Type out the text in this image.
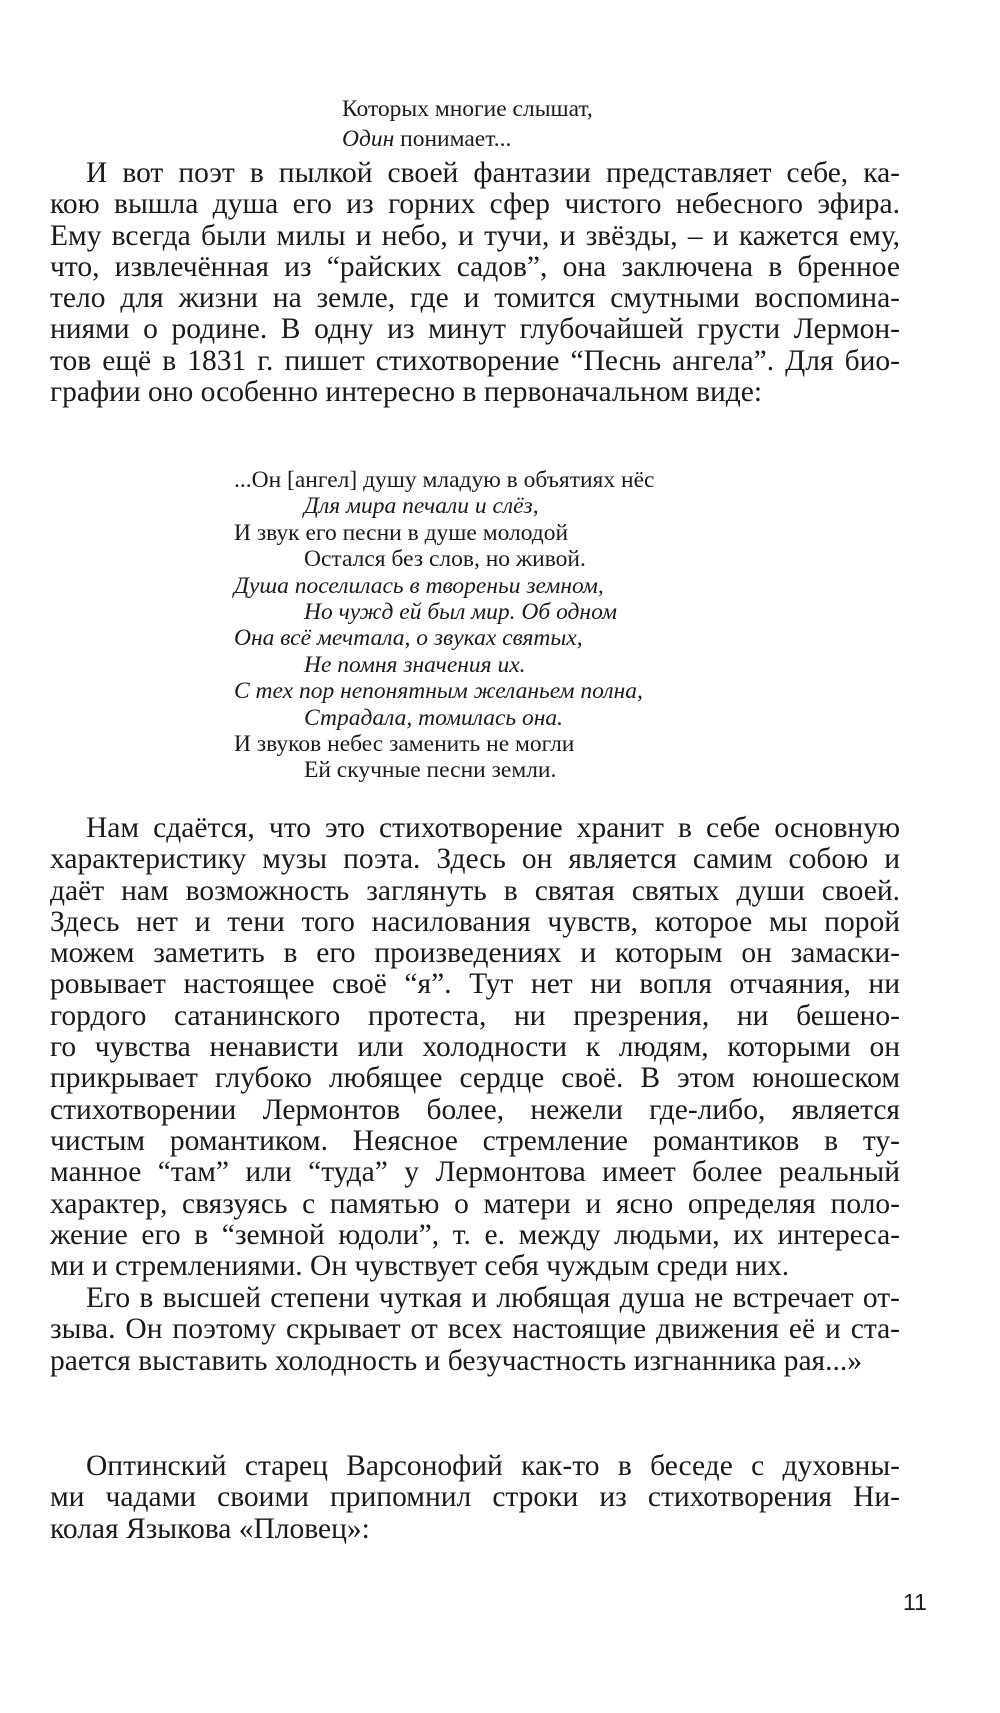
Которых многие слышат,
Один понимает...
И вот поэт в пылкой своей фантазии представляет себе, ка-
кою вышла душа его из горних сфер чистого небесного эфира.
Ему всегда были милы и небо, и тучи, и звёзды, – и кажется ему,
что, извлечённая из “райских садов”, она заключена в бренное
тело для жизни на земле, где и томится смутными воспомина-
ниями о родине. В одну из минут глубочайшей грусти Лермон-
тов ещё в 1831 г. пишет стихотворение “Песнь ангела”. Для био-
графии оно особенно интересно в первоначальном виде:
...Он [ангел] душу младую в объятиях нёс
Для мира печали и слёз,
И звук его песни в душе молодой
Остался без слов, но живой.
Душа поселилась в твореньи земном,
Но чужд ей был мир. Об одном
Она всё мечтала, о звуках святых,
Не помня значения их.
С тех пор непонятным желаньем полна,
Страдала, томилась она.
И звуков небес заменить не могли
Ей скучные песни земли.
Нам сдаётся, что это стихотворение хранит в себе основную
характеристику музы поэта. Здесь он является самим собою и
даёт нам возможность заглянуть в святая святых души своей.
Здесь нет и тени того насилования чувств, которое мы порой
можем заметить в его произведениях и которым он замаски-
ровывает настоящее своё “я”. Тут нет ни вопля отчаяния, ни
гордого сатанинского протеста, ни презрения, ни бешено-
го чувства ненависти или холодности к людям, которыми он
прикрывает глубоко любящее сердце своё. В этом юношеском
стихотворении Лермонтов более, нежели где-либо, является
чистым романтиком. Неясное стремление романтиков в ту-
манное “там” или “туда” у Лермонтова имеет более реальный
характер, связуясь с памятью о матери и ясно определяя поло-
жение его в “земной юдоли”, т. е. между людьми, их интереса-
ми и стремлениями. Он чувствует себя чуждым среди них.
Его в высшей степени чуткая и любящая душа не встречает от-
зыва. Он поэтому скрывает от всех настоящие движения её и ста-
рается выставить холодность и безучастность изгнанника рая...»
Оптинский старец Варсонофий как-то в беседе с духовны-
ми чадами своими припомнил строки из стихотворения Ни-
колая Языкова «Пловец»:
11
